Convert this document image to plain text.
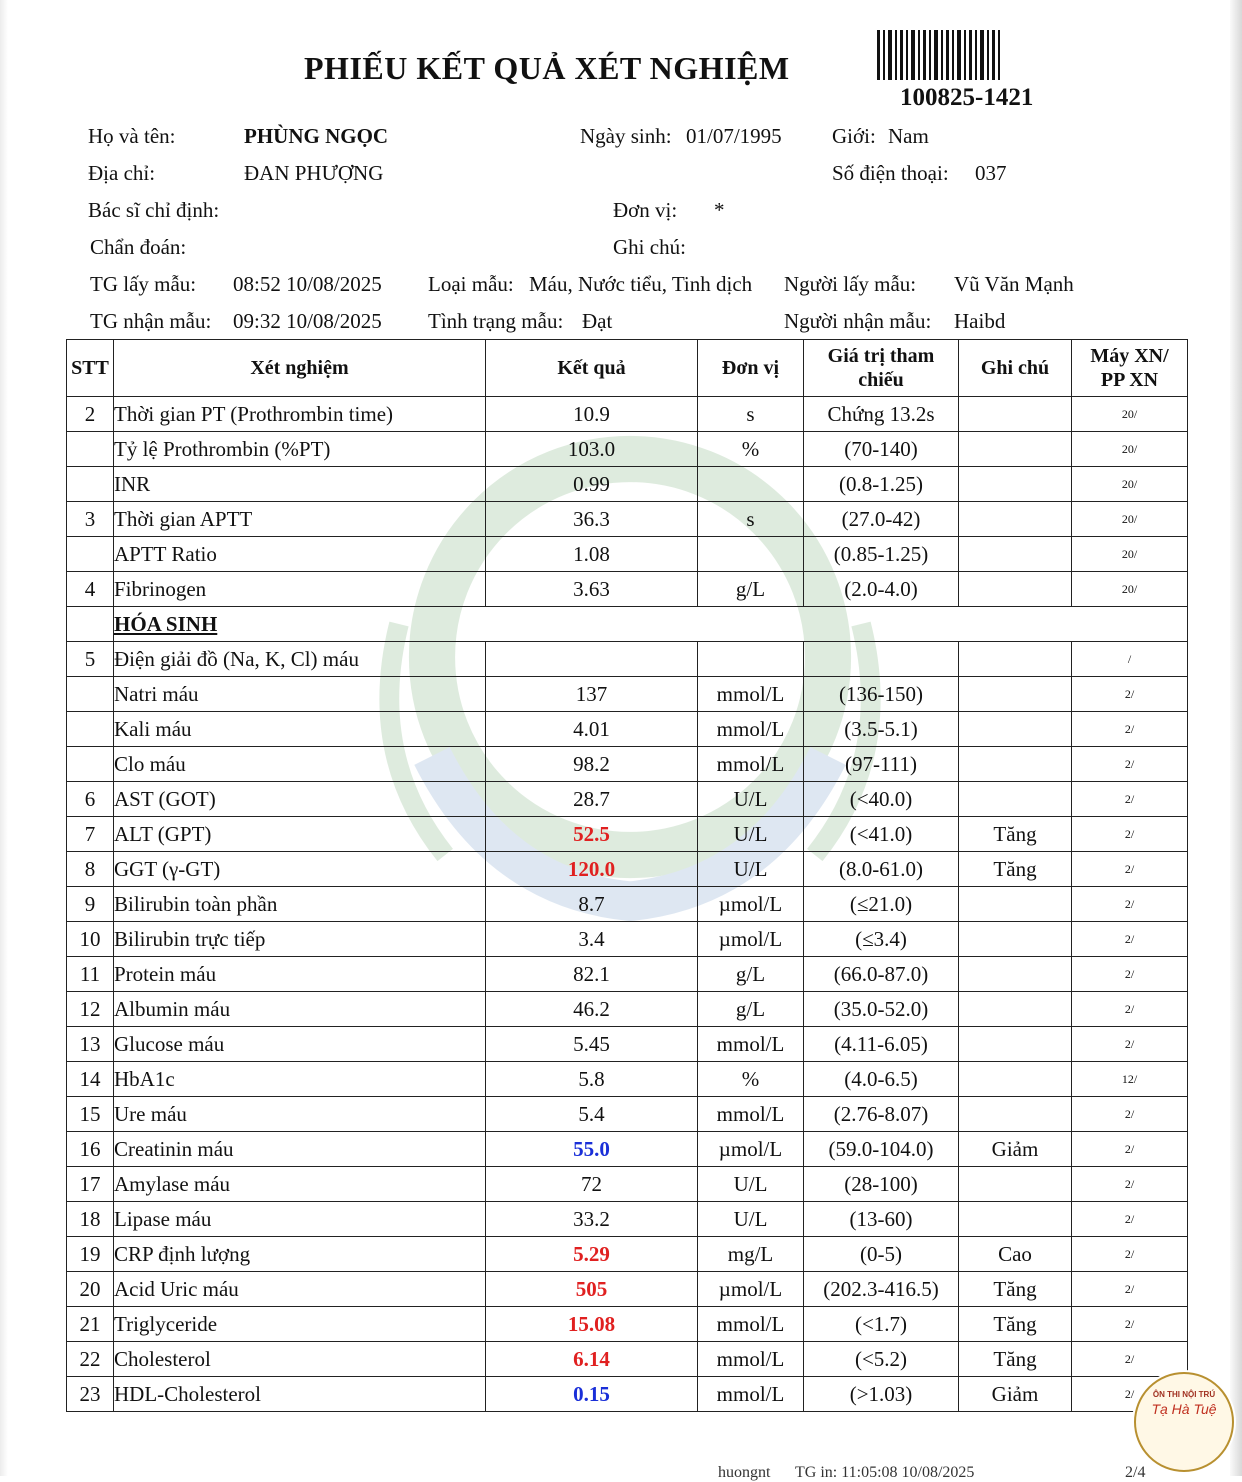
PHIẾU KẾT QUẢ XÉT NGHIỆM
100825-1421
Họ và tên:	PHÙNG NGỌC	Ngày sinh: 01/07/1995 Giới: Nam
Địa chỉ:	ĐAN PHƯỢNG	Số điện thoại: 037
Bác sĩ chỉ định:	Đơn vị: *
Chẩn đoán:	Ghi chú:
TG lấy mẫu: 08:52 10/08/2025 Loại mẫu: Máu, Nước tiểu, Tinh dịch Người lấy mẫu: Vũ Văn Mạnh
TG nhận mẫu: 09:32 10/08/2025 Tình trạng mẫu: Đạt	Người nhận mẫu: Haibd
STT	Xét nghiệm	Kết quả	Đơn vị	Giá trị tham chiếu	Ghi chú	Máy XN/ PP XN
2	Thời gian PT (Prothrombin time)	10.9	s	Chứng 13.2s		20/
	Tỷ lệ Prothrombin (%PT)	103.0	%	(70-140)		20/
	INR	0.99		(0.8-1.25)		20/
3	Thời gian APTT	36.3	s	(27.0-42)		20/
	APTT Ratio	1.08		(0.85-1.25)		20/
4	Fibrinogen	3.63	g/L	(2.0-4.0)		20/
	HÓA SINH					
5	Điện giải đồ (Na, K, Cl) máu					/
	Natri máu	137	mmol/L	(136-150)		2/
	Kali máu	4.01	mmol/L	(3.5-5.1)		2/
	Clo máu	98.2	mmol/L	(97-111)		2/
6	AST (GOT)	28.7	U/L	(<40.0)		2/
7	ALT (GPT)	52.5	U/L	(<41.0)	Tăng	2/
8	GGT (γ-GT)	120.0	U/L	(8.0-61.0)	Tăng	2/
9	Bilirubin toàn phần	8.7	µmol/L	(≤21.0)		2/
10	Bilirubin trực tiếp	3.4	µmol/L	(≤3.4)		2/
11	Protein máu	82.1	g/L	(66.0-87.0)		2/
12	Albumin máu	46.2	g/L	(35.0-52.0)		2/
13	Glucose máu	5.45	mmol/L	(4.11-6.05)		2/
14	HbA1c	5.8	%	(4.0-6.5)		12/
15	Ure máu	5.4	mmol/L	(2.76-8.07)		2/
16	Creatinin máu	55.0	µmol/L	(59.0-104.0)	Giảm	2/
17	Amylase máu	72	U/L	(28-100)		2/
18	Lipase máu	33.2	U/L	(13-60)		2/
19	CRP định lượng	5.29	mg/L	(0-5)	Cao	2/
20	Acid Uric máu	505	µmol/L	(202.3-416.5)	Tăng	2/
21	Triglyceride	15.08	mmol/L	(<1.7)	Tăng	2/
22	Cholesterol	6.14	mmol/L	(<5.2)	Tăng	2/
23	HDL-Cholesterol	0.15	mmol/L	(>1.03)	Giảm	2/	ÔN THI NỘI TRÚ
Tạ Hà Tuệ
huongnt TG in: 11:05:08 10/08/2025	2/4
